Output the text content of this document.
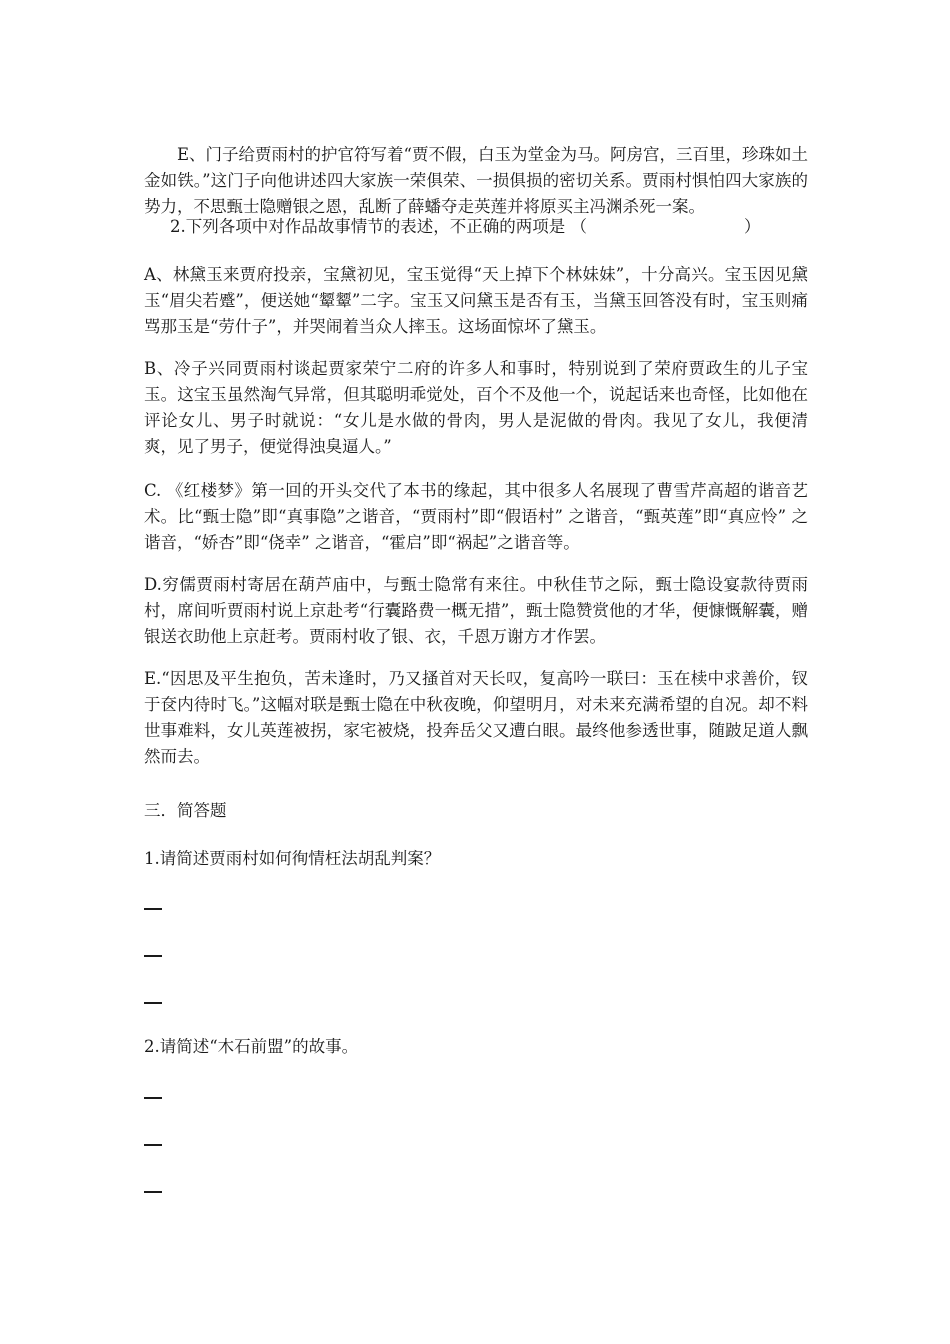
E、门子给贾雨村的护官符写着“贾不假，白玉为堂金为马。阿房宫，三百里，珍珠如土金如铁。”这门子向他讲述四大家族一荣俱荣、一损俱损的密切关系。贾雨村惧怕四大家族的势力，不思甄士隐赠银之恩，乱断了薛蟠夺走英莲并将原买主冯渊杀死一案。

2.下列各项中对作品故事情节的表述，不正确的两项是 （	）

A、林黛玉来贾府投亲，宝黛初见，宝玉觉得“天上掉下个林妹妹”，十分高兴。宝玉因见黛玉“眉尖若蹙”，便送她“颦颦”二字。宝玉又问黛玉是否有玉，当黛玉回答没有时，宝玉则痛骂那玉是“劳什子”，并哭闹着当众人摔玉。这场面惊坏了黛玉。

B、冷子兴同贾雨村谈起贾家荣宁二府的许多人和事时，特别说到了荣府贾政生的儿子宝玉。这宝玉虽然淘气异常，但其聪明乖觉处，百个不及他一个，说起话来也奇怪，比如他在评论女儿、男子时就说：“女儿是水做的骨肉，男人是泥做的骨肉。我见了女儿，我便清爽，见了男子，便觉得浊臭逼人。”

C. 《红楼梦》第一回的开头交代了本书的缘起，其中很多人名展现了曹雪芹高超的谐音艺术。比“甄士隐”即“真事隐”之谐音，“贾雨村”即“假语村” 之谐音，“甄英莲”即“真应怜” 之谐音，“娇杏”即“侥幸” 之谐音，“霍启”即“祸起”之谐音等。

D.穷儒贾雨村寄居在葫芦庙中，与甄士隐常有来往。中秋佳节之际，甄士隐设宴款待贾雨村，席间听贾雨村说上京赴考“行囊路费一概无措”，甄士隐赞赏他的才华，便慷慨解囊，赠银送衣助他上京赶考。贾雨村收了银、衣，千恩万谢方才作罢。

E.“因思及平生抱负，苦未逢时，乃又搔首对天长叹，复高吟一联曰：玉在椟中求善价，钗于奁内待时飞。”这幅对联是甄士隐在中秋夜晚，仰望明月，对未来充满希望的自况。却不料世事难料，女儿英莲被拐，家宅被烧，投奔岳父又遭白眼。最终他参透世事，随跛足道人飘然而去。

三．简答题

1.请简述贾雨村如何徇情枉法胡乱判案？

2.请简述“木石前盟”的故事。
